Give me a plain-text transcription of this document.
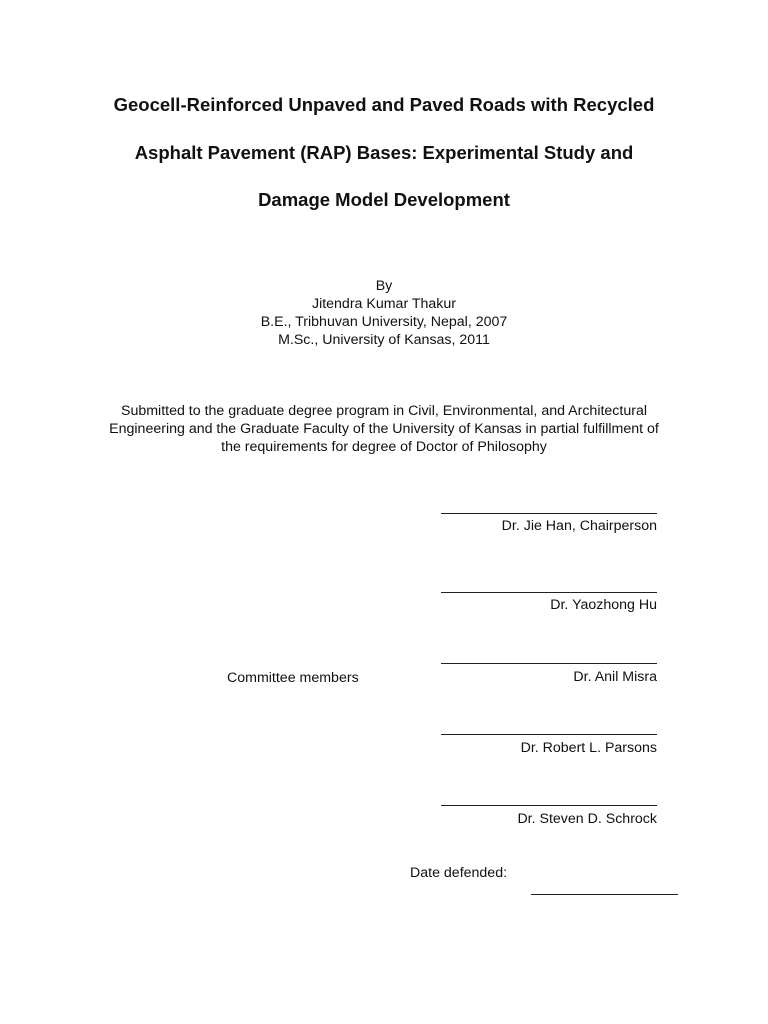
Geocell-Reinforced Unpaved and Paved Roads with Recycled
Asphalt Pavement (RAP) Bases: Experimental Study and
Damage Model Development
By
Jitendra Kumar Thakur
B.E., Tribhuvan University, Nepal, 2007
M.Sc., University of Kansas, 2011
Submitted to the graduate degree program in Civil, Environmental, and Architectural
Engineering and the Graduate Faculty of the University of Kansas in partial fulfillment of
the requirements for degree of Doctor of Philosophy
Dr. Jie Han, Chairperson
Dr. Yaozhong Hu
Dr. Anil Misra
Dr. Robert L. Parsons
Dr. Steven D. Schrock
Committee members
Date defended:
